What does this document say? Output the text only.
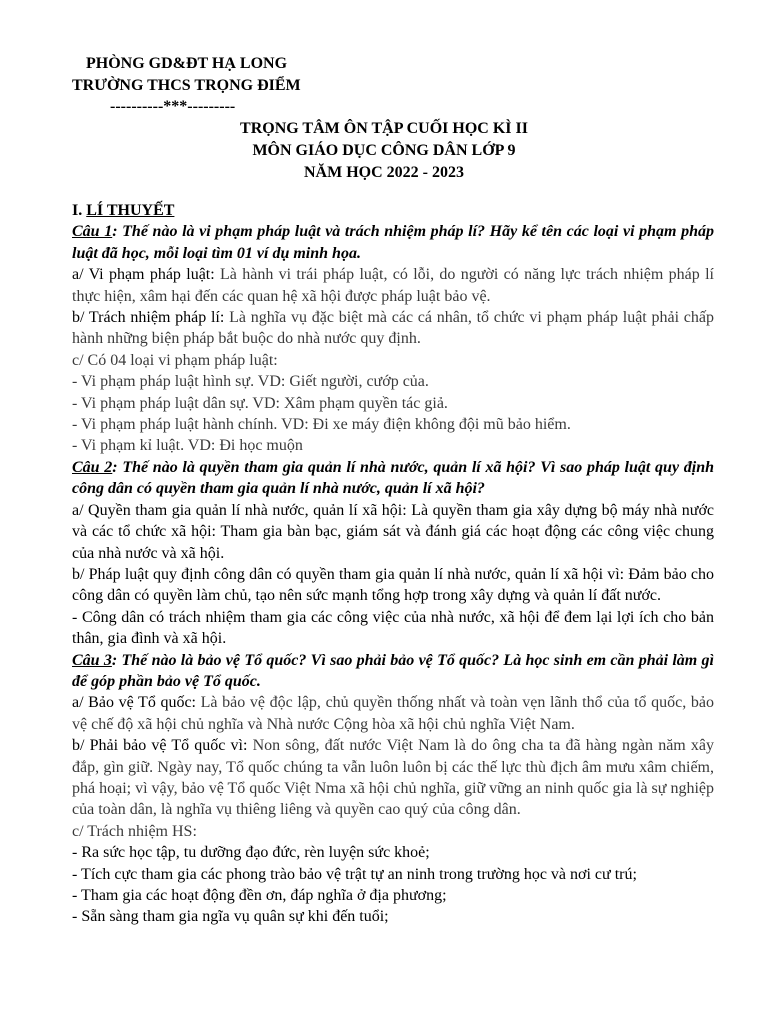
PHÒNG GD&ĐT HẠ LONG
TRƯỜNG THCS TRỌNG ĐIỂM
----------***---------
TRỌNG TÂM ÔN TẬP CUỐI HỌC KÌ II
MÔN GIÁO DỤC CÔNG DÂN LỚP 9
NĂM HỌC 2022 - 2023

I. LÍ THUYẾT

Câu 1: Thế nào là vi phạm pháp luật và trách nhiệm pháp lí? Hãy kể tên các loại vi phạm pháp luật đã học, mỗi loại tìm 01 ví dụ minh họa.

a/ Vi phạm pháp luật: Là hành vi trái pháp luật, có lỗi, do người có năng lực trách nhiệm pháp lí thực hiện, xâm hại đến các quan hệ xã hội được pháp luật bảo vệ.

b/ Trách nhiệm pháp lí: Là nghĩa vụ đặc biệt mà các cá nhân, tổ chức vi phạm pháp luật phải chấp hành những biện pháp bắt buộc do nhà nước quy định.

c/ Có 04 loại vi phạm pháp luật:

- Vi phạm pháp luật hình sự. VD: Giết người, cướp của.

- Vi phạm pháp luật dân sự. VD: Xâm phạm quyền tác giả.

- Vi phạm pháp luật hành chính. VD: Đi xe máy điện không đội mũ bảo hiểm.

- Vi phạm kỉ luật. VD: Đi học muộn

Câu 2: Thế nào là quyền tham gia quản lí nhà nước, quản lí xã hội? Vì sao pháp luật quy định công dân có quyền tham gia quản lí nhà nước, quản lí xã hội?

a/ Quyền tham gia quản lí nhà nước, quản lí xã hội: Là quyền tham gia xây dựng bộ máy nhà nước và các tổ chức xã hội: Tham gia bàn bạc, giám sát và đánh giá các hoạt động các công việc chung của nhà nước và xã hội.

b/ Pháp luật quy định công dân có quyền tham gia quản lí nhà nước, quản lí xã hội vì: Đảm bảo cho công dân có quyền làm chủ, tạo nên sức mạnh tổng hợp trong xây dựng và quản lí đất nước.

- Công dân có trách nhiệm tham gia các công việc của nhà nước, xã hội để đem lại lợi ích cho bản thân, gia đình và xã hội.

Câu 3: Thế nào là bảo vệ Tổ quốc? Vì sao phải bảo vệ Tổ quốc? Là học sinh em cần phải làm gì để góp phần bảo vệ Tổ quốc.

a/ Bảo vệ Tổ quốc: Là bảo vệ độc lập, chủ quyền thống nhất và toàn vẹn lãnh thổ của tổ quốc, bảo vệ chế độ xã hội chủ nghĩa và Nhà nước Cộng hòa xã hội chủ nghĩa Việt Nam.

b/ Phải bảo vệ Tổ quốc vì: Non sông, đất nước Việt Nam là do ông cha ta đã hàng ngàn năm xây đắp, gìn giữ. Ngày nay, Tổ quốc chúng ta vẫn luôn luôn bị các thế lực thù địch âm mưu xâm chiếm, phá hoại; vì vậy, bảo vệ Tổ quốc Việt Nma xã hội chủ nghĩa, giữ vững an ninh quốc gia là sự nghiệp của toàn dân, là nghĩa vụ thiêng liêng và quyền cao quý của công dân.

c/ Trách nhiệm HS:

- Ra sức học tập, tu dưỡng đạo đức, rèn luyện sức khoẻ;

- Tích cực tham gia các phong trào bảo vệ trật tự an ninh trong trường học và nơi cư trú;

- Tham gia các hoạt động đền ơn, đáp nghĩa ở địa phương;

- Sẵn sàng tham gia ngĩa vụ quân sự khi đến tuổi;
